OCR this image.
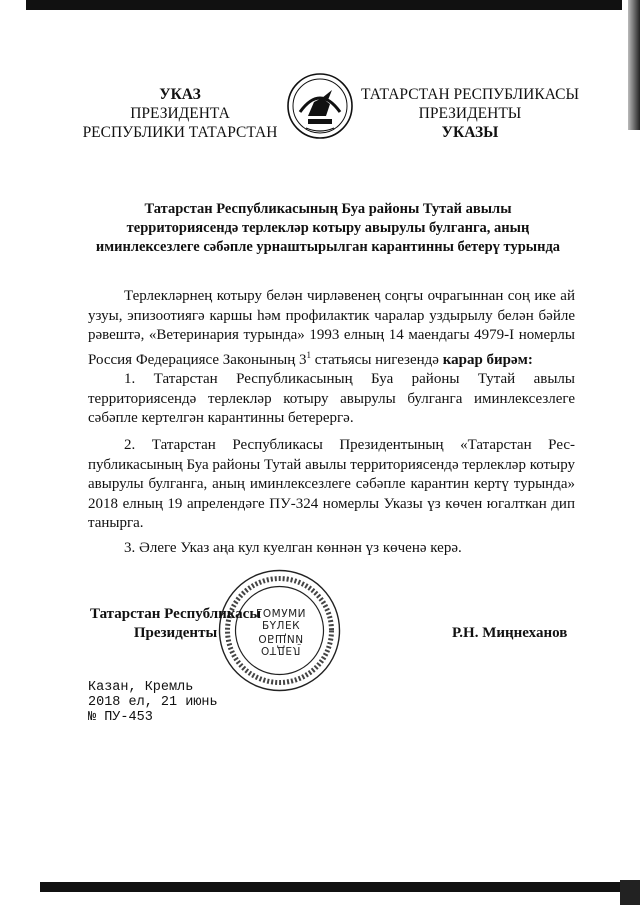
УКАЗ
ПРЕЗИДЕНТА
РЕСПУБЛИКИ ТАТАРСТАН
ТАТАРСТАН РЕСПУБЛИКАСЫ
ПРЕЗИДЕНТЫ
УКАЗЫ
Татарстан Республикасының Буа районы Тутай авылы
территориясендә терлекләр котыру авырулы булганга, аның
иминлексезлеге сәбәпле урнаштырылган карантинны бетерү турында
Терлекләрнең котыру белән чирләвенең соңгы очрагыннан соң ике ай узуы, эпизоотиягә каршы һәм профилактик чаралар уздырылу белән бәйле рәвештә, «Ветеринария турында» 1993 елның 14 маендагы 4979-I номерлы Россия Федерациясе Законының $3^1$ статьясы нигезендә карар бирәм:
1. Татарстан Республикасының Буа районы Тутай авылы территориясендә терлекләр котыру авырулы булганга иминлексезлеге сәбәпле кертелгән карантинны бетерергә.
2. Татарстан Республикасы Президентының «Татарстан Рес-публикасының Буа районы Тутай авылы территориясендә терлекләр котыру авырулы булганга, аның иминлексезлеге сәбәпле карантин кертү турында» 2018 елның 19 апрелендәге ПУ-324 номерлы Указы үз көчен югалткан дип танырга.
3. Әлеге Указ аңа кул куелган көннән үз көченә керә.
ГОМУМИ
БҮЛЕК
ОБЩИЙ
ОТДЕЛ
Татарстан Республикасы
Президенты	Р.Н. Миңнеханов
Казан, Кремль
2018 ел, 21 июнь
№ ПУ-453
